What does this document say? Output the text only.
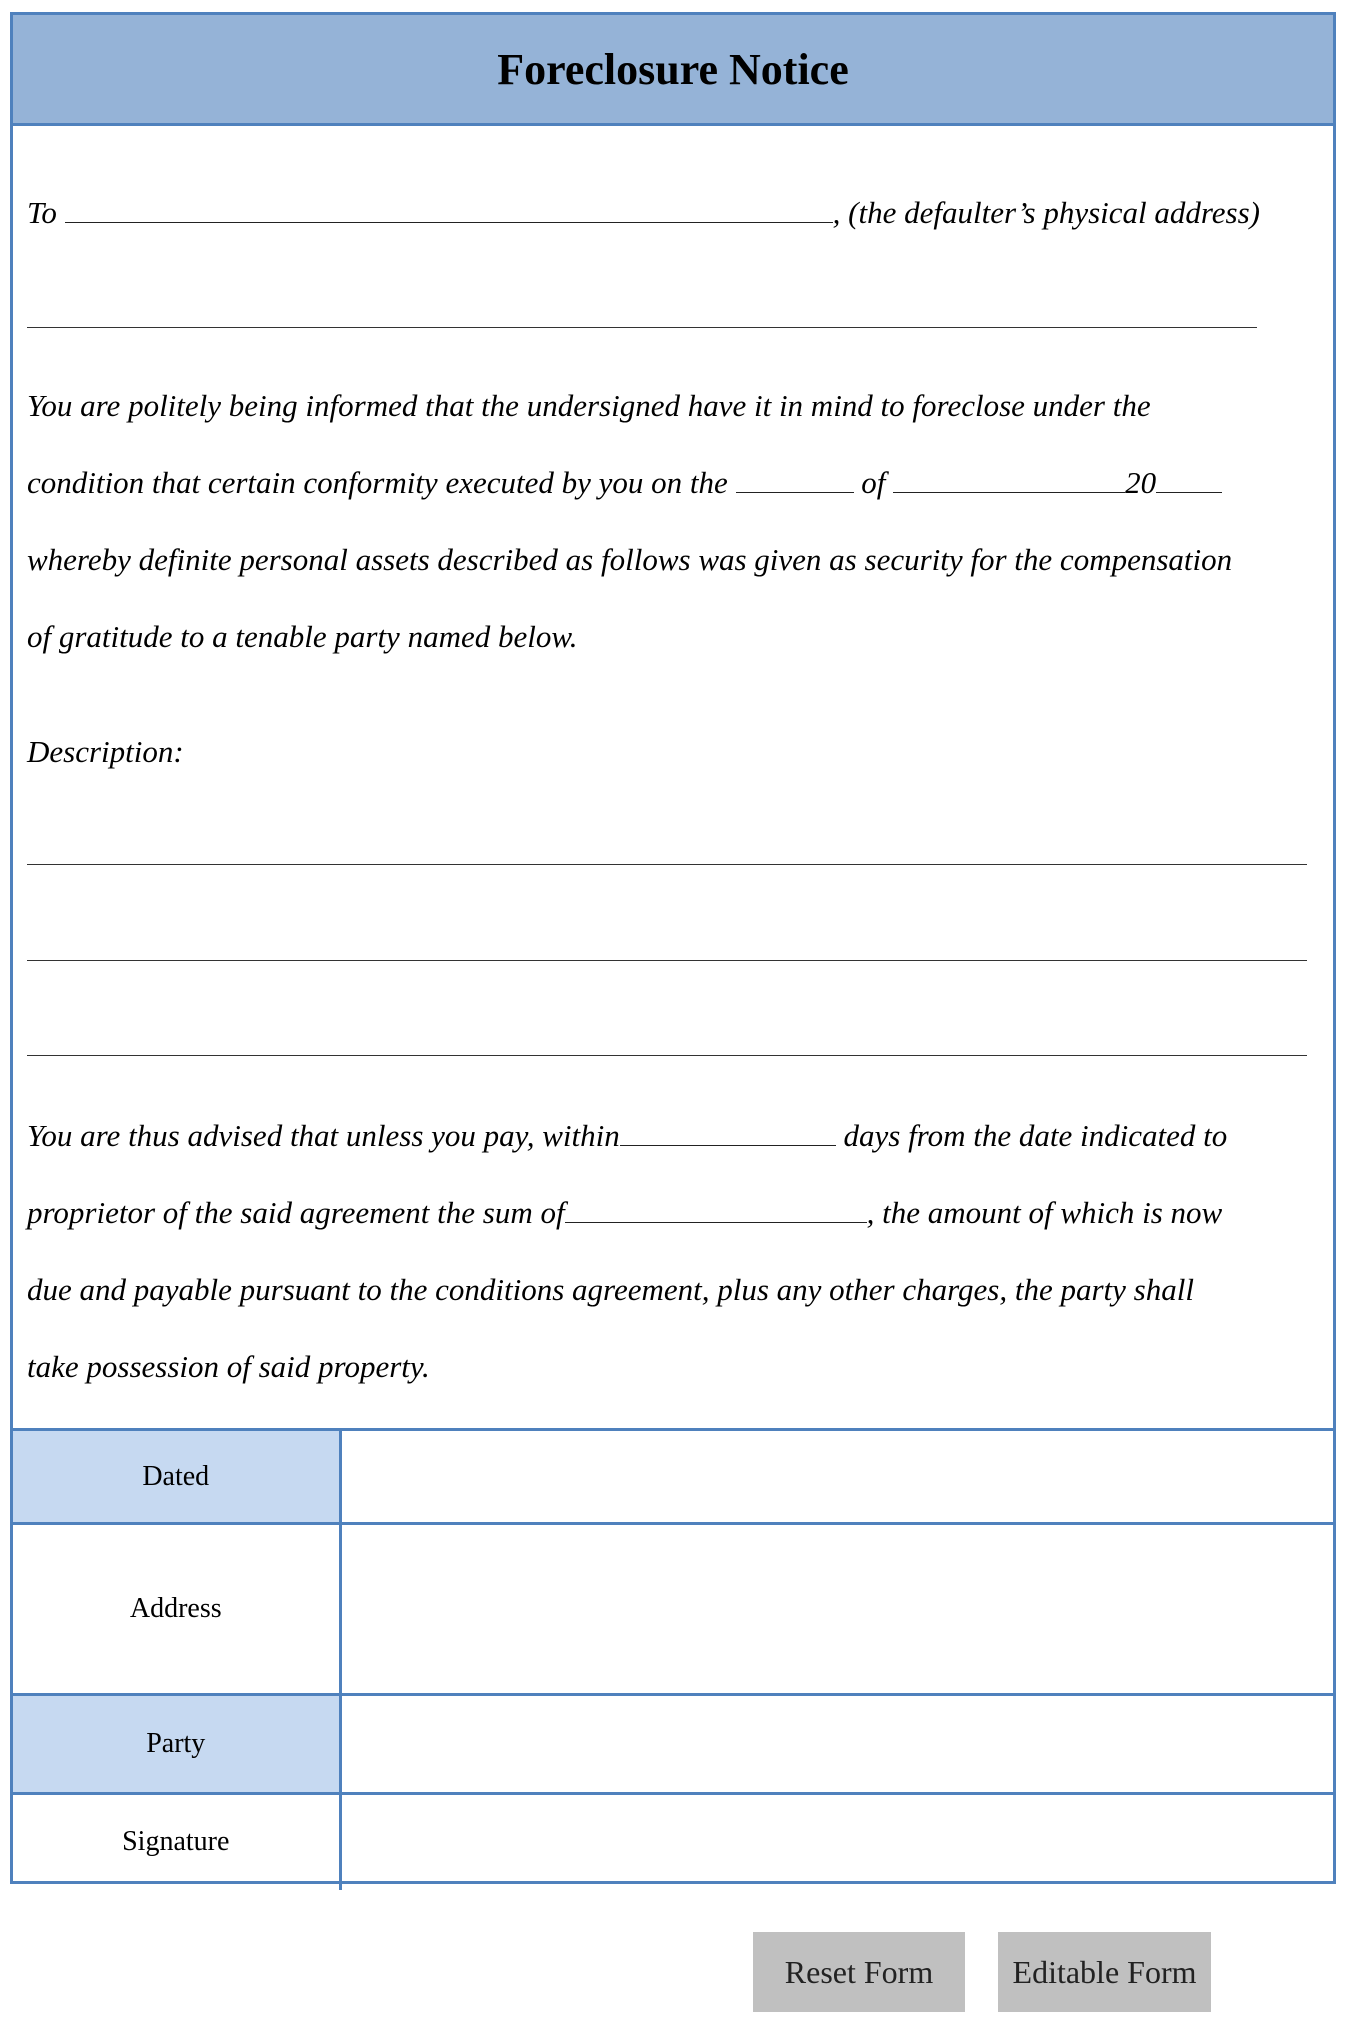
Foreclosure Notice
To	, (the defaulter’s physical address)
You are politely being informed that the undersigned have it in mind to foreclose under the
condition that certain conformity executed by you on the	of	20
whereby definite personal assets described as follows was given as security for the compensation
of gratitude to a tenable party named below.
Description:
You are thus advised that unless you pay, within	days from the date indicated to
proprietor of the said agreement the sum of	, the amount of which is now
due and payable pursuant to the conditions agreement, plus any other charges, the party shall
take possession of said property.
Dated	
Address	
Party	
Signature	
Reset Form	Editable Form
